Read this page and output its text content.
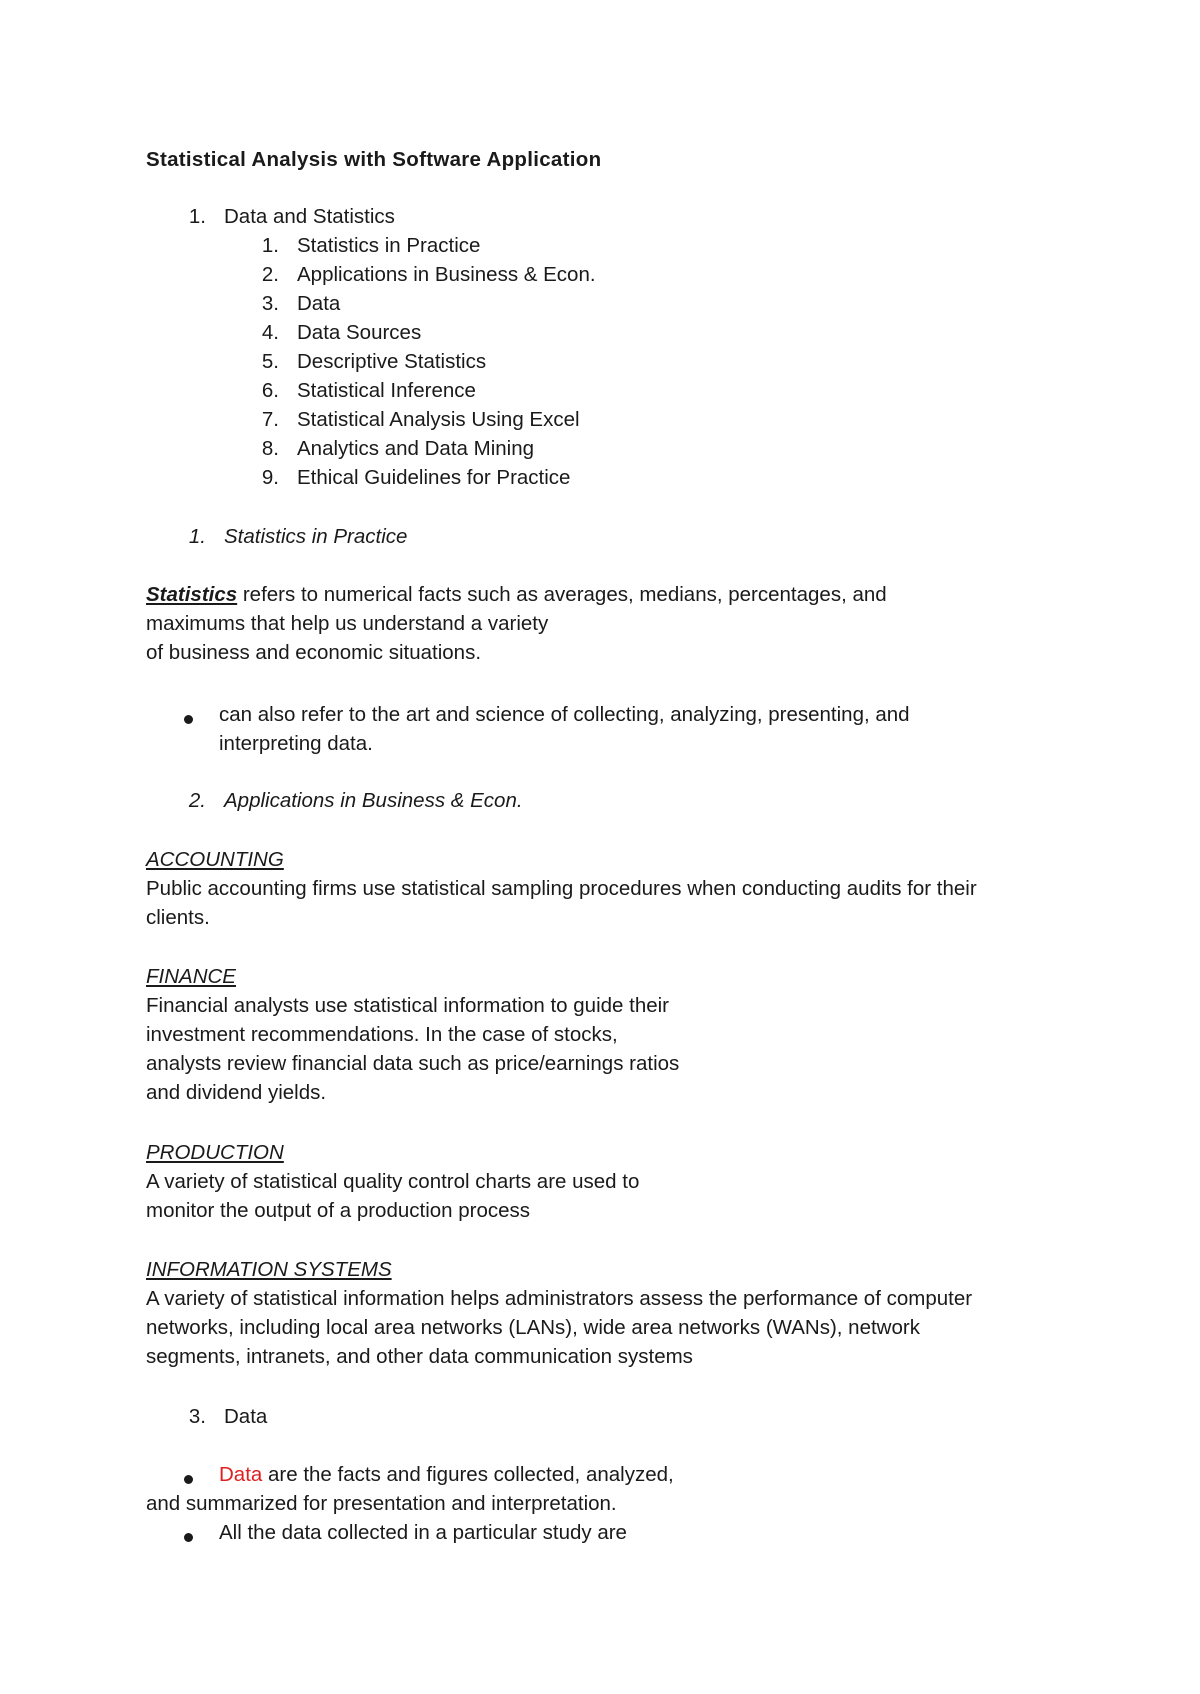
Statistical Analysis with Software Application
1. Data and Statistics
1. Statistics in Practice
2. Applications in Business & Econ.
3. Data
4. Data Sources
5. Descriptive Statistics
6. Statistical Inference
7. Statistical Analysis Using Excel
8. Analytics and Data Mining
9. Ethical Guidelines for Practice
1. Statistics in Practice
Statistics refers to numerical facts such as averages, medians, percentages, and
maximums that help us understand a variety
of business and economic situations.
can also refer to the art and science of collecting, analyzing, presenting, and
interpreting data.
2. Applications in Business & Econ.
ACCOUNTING
Public accounting firms use statistical sampling procedures when conducting audits for their
clients.
FINANCE
Financial analysts use statistical information to guide their
investment recommendations. In the case of stocks,
analysts review financial data such as price/earnings ratios
and dividend yields.
PRODUCTION
A variety of statistical quality control charts are used to
monitor the output of a production process
INFORMATION SYSTEMS
A variety of statistical information helps administrators assess the performance of computer
networks, including local area networks (LANs), wide area networks (WANs), network
segments, intranets, and other data communication systems
3. Data
Data are the facts and figures collected, analyzed,
and summarized for presentation and interpretation.
All the data collected in a particular study are
